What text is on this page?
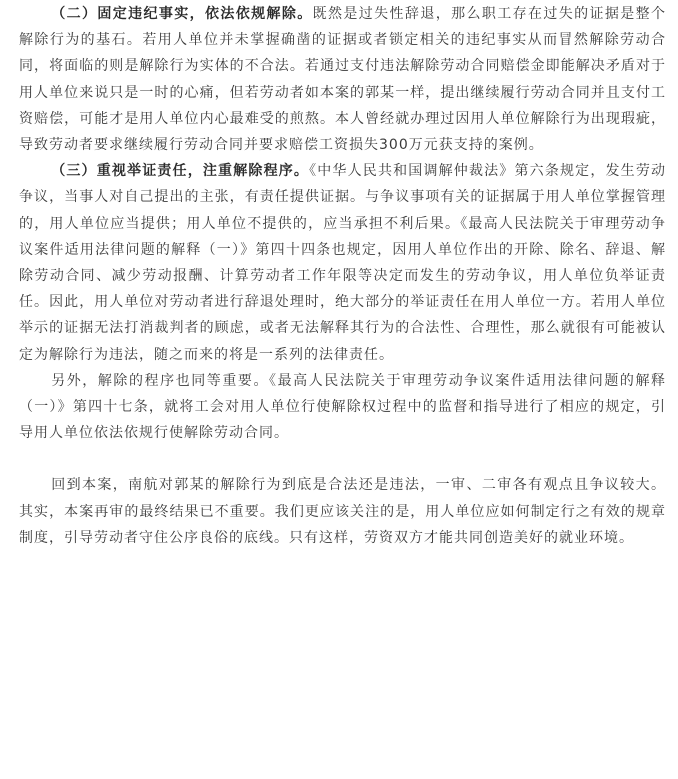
（二）固定违纪事实，依法依规解除。既然是过失性辞退，那么职工存在过失的证据是整个解除行为的基石。若用人单位并未掌握确凿的证据或者锁定相关的违纪事实从而冒然解除劳动合同，将面临的则是解除行为实体的不合法。若通过支付违法解除劳动合同赔偿金即能解决矛盾对于用人单位来说只是一时的心痛，但若劳动者如本案的郭某一样，提出继续履行劳动合同并且支付工资赔偿，可能才是用人单位内心最难受的煎熬。本人曾经就办理过因用人单位解除行为出现瑕疵，导致劳动者要求继续履行劳动合同并要求赔偿工资损失300万元获支持的案例。

（三）重视举证责任，注重解除程序。《中华人民共和国调解仲裁法》第六条规定，发生劳动争议，当事人对自己提出的主张，有责任提供证据。与争议事项有关的证据属于用人单位掌握管理的，用人单位应当提供；用人单位不提供的，应当承担不利后果。《最高人民法院关于审理劳动争议案件适用法律问题的解释（一）》第四十四条也规定，因用人单位作出的开除、除名、辞退、解除劳动合同、减少劳动报酬、计算劳动者工作年限等决定而发生的劳动争议，用人单位负举证责任。因此，用人单位对劳动者进行辞退处理时，绝大部分的举证责任在用人单位一方。若用人单位举示的证据无法打消裁判者的顾虑，或者无法解释其行为的合法性、合理性，那么就很有可能被认定为解除行为违法，随之而来的将是一系列的法律责任。

另外，解除的程序也同等重要。《最高人民法院关于审理劳动争议案件适用法律问题的解释（一）》第四十七条，就将工会对用人单位行使解除权过程中的监督和指导进行了相应的规定，引导用人单位依法依规行使解除劳动合同。

回到本案，南航对郭某的解除行为到底是合法还是违法，一审、二审各有观点且争议较大。其实，本案再审的最终结果已不重要。我们更应该关注的是，用人单位应如何制定行之有效的规章制度，引导劳动者守住公序良俗的底线。只有这样，劳资双方才能共同创造美好的就业环境。
